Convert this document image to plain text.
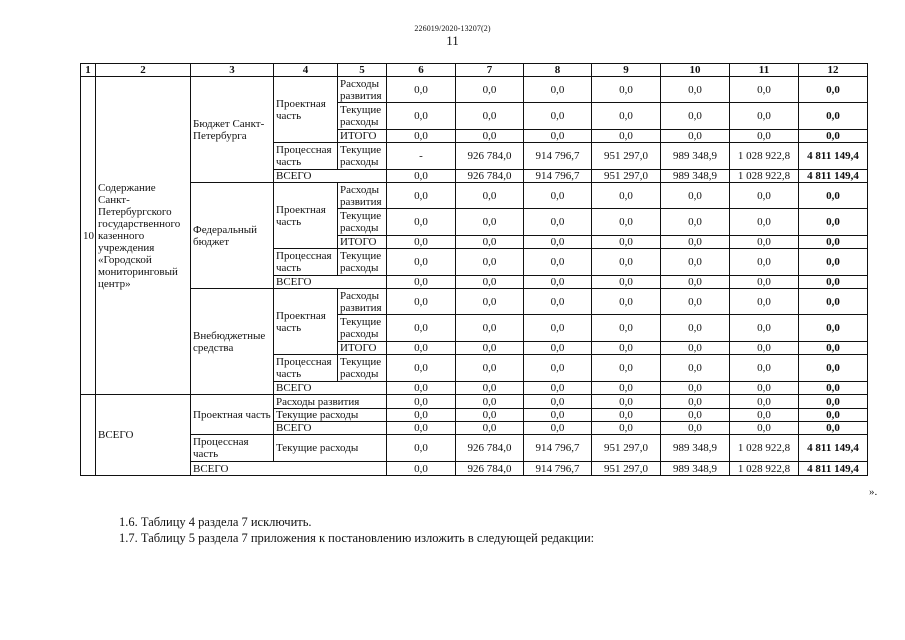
226019/2020-13207(2)
11
1	2	3	4	5	6	7	8	9	10	11	12
10	Содержание Санкт-Петербургского государственного казенного учреждения «Городской мониторинговый центр»	Бюджет Санкт-Петербурга	Проектная часть	Расходы развития	0,0	0,0	0,0	0,0	0,0	0,0	0,0
				Текущие расходы	0,0	0,0	0,0	0,0	0,0	0,0	0,0
				ИТОГО	0,0	0,0	0,0	0,0	0,0	0,0	0,0
			Процессная часть	Текущие расходы	-	926 784,0	914 796,7	951 297,0	989 348,9	1 028 922,8	4 811 149,4
			ВСЕГО		0,0	926 784,0	914 796,7	951 297,0	989 348,9	1 028 922,8	4 811 149,4
		Федеральный бюджет	Проектная часть	Расходы развития	0,0	0,0	0,0	0,0	0,0	0,0	0,0
				Текущие расходы	0,0	0,0	0,0	0,0	0,0	0,0	0,0
				ИТОГО	0,0	0,0	0,0	0,0	0,0	0,0	0,0
			Процессная часть	Текущие расходы	0,0	0,0	0,0	0,0	0,0	0,0	0,0
			ВСЕГО		0,0	0,0	0,0	0,0	0,0	0,0	0,0
		Внебюджетные средства	Проектная часть	Расходы развития	0,0	0,0	0,0	0,0	0,0	0,0	0,0
				Текущие расходы	0,0	0,0	0,0	0,0	0,0	0,0	0,0
				ИТОГО	0,0	0,0	0,0	0,0	0,0	0,0	0,0
			Процессная часть	Текущие расходы	0,0	0,0	0,0	0,0	0,0	0,0	0,0
			ВСЕГО		0,0	0,0	0,0	0,0	0,0	0,0	0,0
	ВСЕГО	Проектная часть	Расходы развития		0,0	0,0	0,0	0,0	0,0	0,0	0,0
			Текущие расходы		0,0	0,0	0,0	0,0	0,0	0,0	0,0
			ВСЕГО		0,0	0,0	0,0	0,0	0,0	0,0	0,0
		Процессная часть	Текущие расходы		0,0	926 784,0	914 796,7	951 297,0	989 348,9	1 028 922,8	4 811 149,4
		ВСЕГО			0,0	926 784,0	914 796,7	951 297,0	989 348,9	1 028 922,8	4 811 149,4
».
1.6. Таблицу 4 раздела 7 исключить.
1.7. Таблицу 5 раздела 7 приложения к постановлению изложить в следующей редакции:
